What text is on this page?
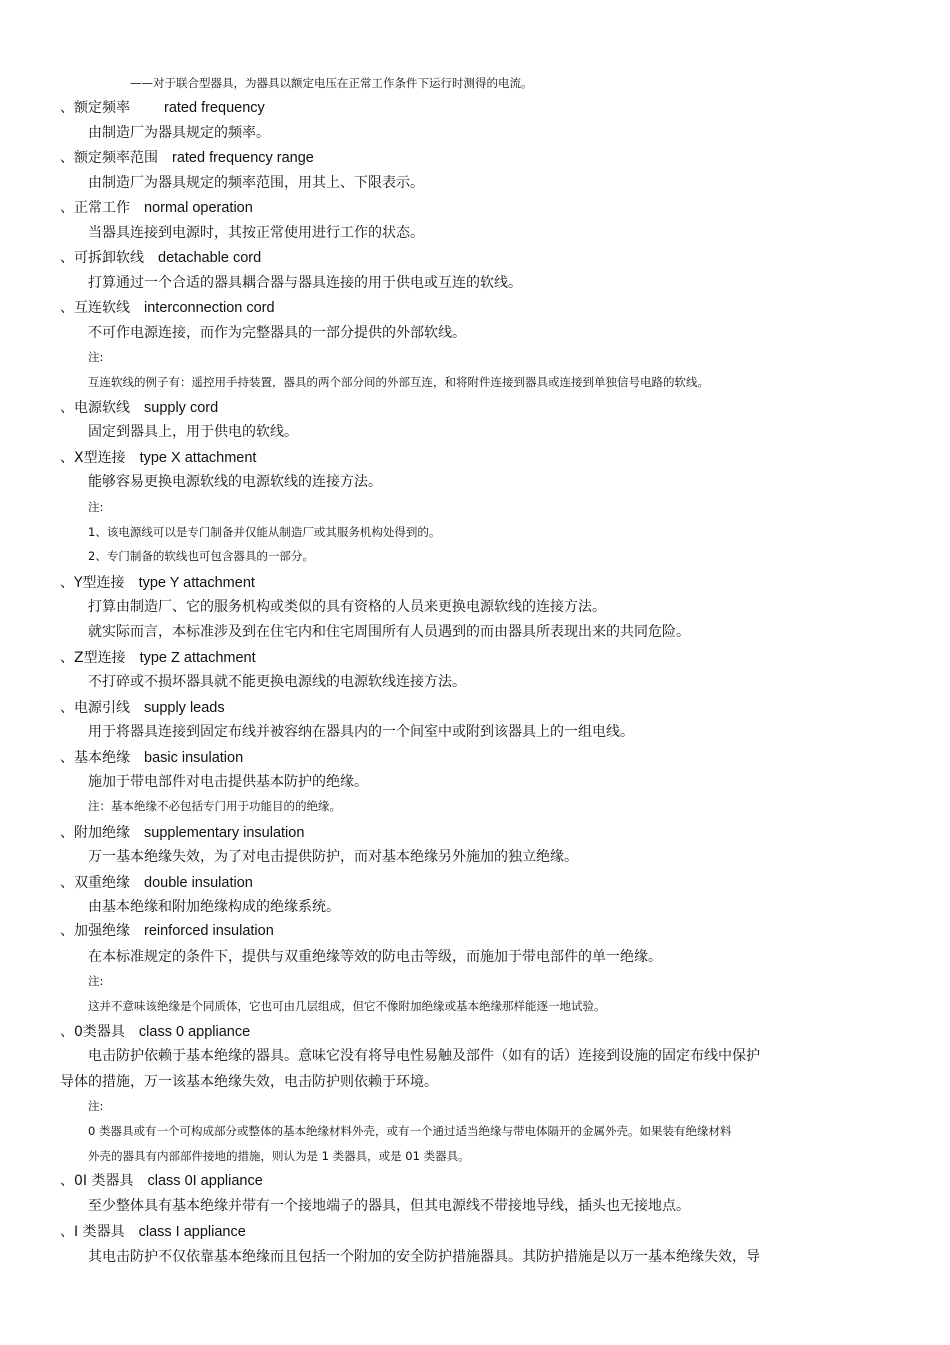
——对于联合型器具，为器具以额定电压在正常工作条件下运行时测得的电流。
、额定频率 rated frequency
由制造厂为器具规定的频率。
、额定频率范围 rated frequency range
由制造厂为器具规定的频率范围，用其上、下限表示。
、正常工作 normal operation
当器具连接到电源时，其按正常使用进行工作的状态。
、可拆卸软线 detachable cord
打算通过一个合适的器具耦合器与器具连接的用于供电或互连的软线。
、互连软线 interconnection cord
不可作电源连接，而作为完整器具的一部分提供的外部软线。
注:
互连软线的例子有：遥控用手持装置，器具的两个部分间的外部互连，和将附件连接到器具或连接到单独信号电路的软线。
、电源软线 supply cord
固定到器具上，用于供电的软线。
、X型连接 type X attachment
能够容易更换电源软线的电源软线的连接方法。
注:
1、该电源线可以是专门制备并仅能从制造厂或其服务机构处得到的。
2、专门制备的软线也可包含器具的一部分。
、Y型连接 type Y attachment
打算由制造厂、它的服务机构或类似的具有资格的人员来更换电源软线的连接方法。
就实际而言，本标准涉及到在住宅内和住宅周围所有人员遇到的而由器具所表现出来的共同危险。
、Z型连接 type Z attachment
不打碎或不损坏器具就不能更换电源线的电源软线连接方法。
、电源引线 supply leads
用于将器具连接到固定布线并被容纳在器具内的一个间室中或附到该器具上的一组电线。
、基本绝缘 basic insulation
施加于带电部件对电击提供基本防护的绝缘。
注：基本绝缘不必包括专门用于功能目的的绝缘。
、附加绝缘 supplementary insulation
万一基本绝缘失效，为了对电击提供防护，而对基本绝缘另外施加的独立绝缘。
、双重绝缘 double insulation
由基本绝缘和附加绝缘构成的绝缘系统。
、加强绝缘 reinforced insulation
在本标准规定的条件下，提供与双重绝缘等效的防电击等级，而施加于带电部件的单一绝缘。
注:
这并不意味该绝缘是个同质体，它也可由几层组成，但它不像附加绝缘或基本绝缘那样能逐一地试验。
、0类器具 class 0 appliance
电击防护依赖于基本绝缘的器具。意味它没有将导电性易触及部件（如有的话）连接到设施的固定布线中保护
导体的措施，万一该基本绝缘失效，电击防护则依赖于环境。
注:
0 类器具或有一个可构成部分或整体的基本绝缘材料外壳，或有一个通过适当绝缘与带电体隔开的金属外壳。如果装有绝缘材料
外壳的器具有内部部件接地的措施，则认为是 1 类器具，或是 01 类器具。
、0I 类器具 class 0I appliance
至少整体具有基本绝缘并带有一个接地端子的器具，但其电源线不带接地导线，插头也无接地点。
、I 类器具 class I appliance
其电击防护不仅依靠基本绝缘而且包括一个附加的安全防护措施器具。其防护措施是以万一基本绝缘失效，导
